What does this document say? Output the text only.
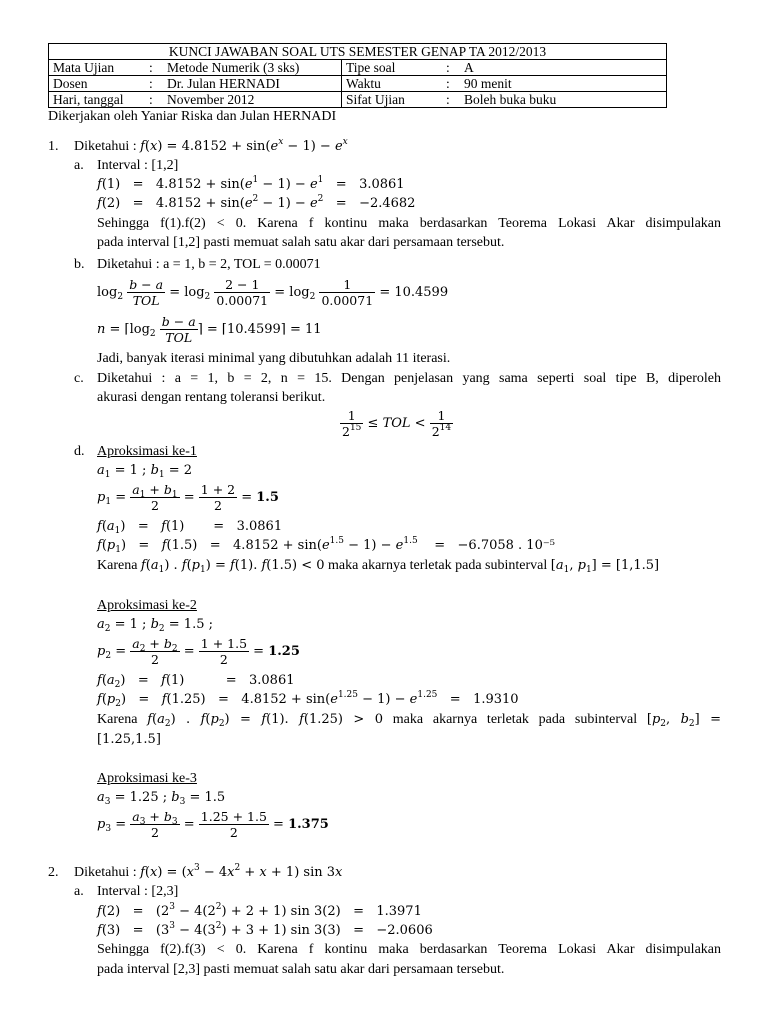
KUNCI JAWABAN SOAL UTS SEMESTER GENAP TA 2012/2013					
Mata Ujian	:	Metode Numerik (3 sks)	Tipe soal	:	A
Dosen	:	Dr. Julan HERNADI	Waktu	:	90 menit
Hari, tanggal	:	November 2012	Sifat Ujian	:	Boleh buka buku
Dikerjakan oleh Yaniar Riska dan Julan HERNADI
1. Diketahui : $f(x) = 4.8152 + \sin(e^x - 1) - e^x$
a. Interval : [1,2]
$f(1) = 4.8152 + \sin(e^1 - 1) - e^1 = 3.0861$
$f(2) = 4.8152 + \sin(e^2 - 1) - e^2 = -2.4682$
Sehingga f(1).f(2) < 0. Karena f kontinu maka berdasarkan Teorema Lokasi Akar disimpulakan
pada interval [1,2] pasti memuat salah satu akar dari persamaan tersebut.
b. Diketahui : a = 1, b = 2, TOL = 0.00071
$\log_2 \frac{b - a}{\text{TOL}} = \log_2 \frac{2 - 1}{0.00071} = \log_2 \frac{1}{0.00071} = 10.4599$
$n = ⌈\log_2 \frac{b - a}{\text{TOL}}$ ⌉ = ⌈10.4599⌉ = 11
Jadi, banyak iterasi minimal yang dibutuhkan adalah 11 iterasi.
c. Diketahui : a = 1, b = 2, n = 15. Dengan penjelasan yang sama seperti soal tipe B, diperoleh
akurasi dengan rentang toleransi berikut.
$\frac{1}{2^{15}}$ ≤ TOL < $\frac{1}{2^{14}}$
d. Aproksimasi ke-1
$a_1 = 1$ ; $b_1 = 2$
$p_1 = \frac{a_1 + b_1}{2} = \frac{1 + 2}{2} = 1.5$
$f(a_1) = f(1)$       =   3.0861
$f(p_1) = f(1.5) = 4.8152 + \sin(e^{1.5} - 1) - e^{1.5}$    =   −6.7058 . 10⁻⁵
Karena $f(a_1)$ . $f(p_1) = f(1)$. f(1.5) < 0 maka akarnya terletak pada subinterval [$a_1$, $p_1] = [1,1.5]$
Aproksimasi ke-2
$a_2 = 1$ ; $b_2 = 1.5$ ;
$p_2 = \frac{a_2 + b_2}{2} = \frac{1 + 1.5}{2} = 1.25$
$f(a_2) = f(1)$          =   3.0861
$f(p_2) = f(1.25) = 4.8152 + \sin(e^{1.25} - 1) - e^{1.25} = 1.9310$
Karena $f(a_2)$ . $f(p_2) = f(1)$. f(1.25) > 0 maka akarnya terletak pada subinterval [$p_2$, $b_2$] =
[1.25,1.5]
Aproksimasi ke-3
$a_3 = 1.25$ ; $b_3 = 1.5$
$p_3 = \frac{a_3 + b_3}{2} = \frac{1.25 + 1.5}{2} = 1.375$
2. Diketahui : $f(x) = (x^3 - 4x^2 + x + 1)$ sin 3x
a. Interval : [2,3]
$f(2) = (2^3 - 4(2^2) + 2 + 1)$ sin 3(2)   =   1.3971
$f(3) = (3^3 - 4(3^2) + 3 + 1)$ sin 3(3)   =   −2.0606
Sehingga f(2).f(3) < 0. Karena f kontinu maka berdasarkan Teorema Lokasi Akar disimpulakan
pada interval [2,3] pasti memuat salah satu akar dari persamaan tersebut.
